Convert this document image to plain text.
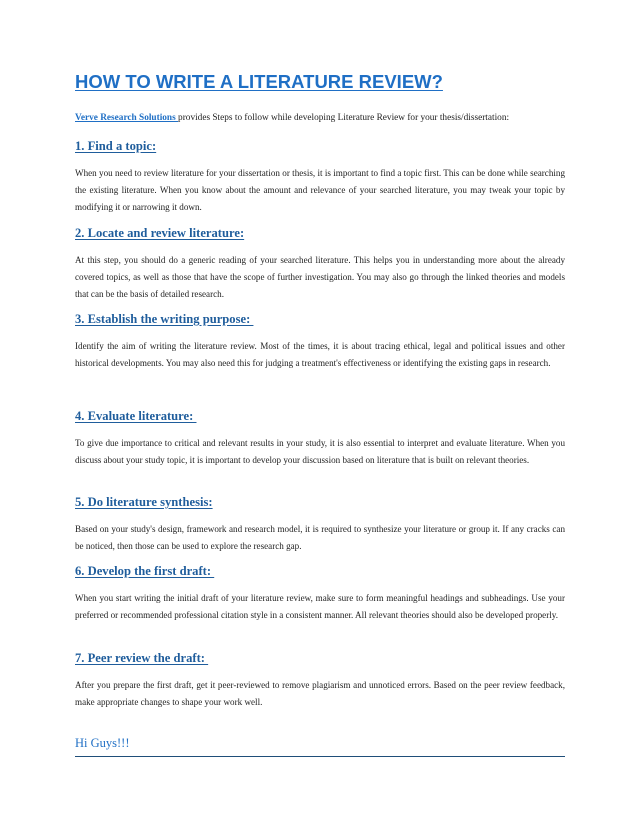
HOW TO WRITE A LITERATURE REVIEW?

Verve Research Solutions provides Steps to follow while developing Literature Review for your thesis/dissertation:

1. Find a topic:

When you need to review literature for your dissertation or thesis, it is important to find a topic first. This can be done while searching the existing literature. When you know about the amount and relevance of your searched literature, you may tweak your topic by modifying it or narrowing it down.

2. Locate and review literature:

At this step, you should do a generic reading of your searched literature. This helps you in understanding more about the already covered topics, as well as those that have the scope of further investigation. You may also go through the linked theories and models that can be the basis of detailed research.

3. Establish the writing purpose:

Identify the aim of writing the literature review. Most of the times, it is about tracing ethical, legal and political issues and other historical developments. You may also need this for judging a treatment's effectiveness or identifying the existing gaps in research.

4. Evaluate literature:

To give due importance to critical and relevant results in your study, it is also essential to interpret and evaluate literature. When you discuss about your study topic, it is important to develop your discussion based on literature that is built on relevant theories.

5. Do literature synthesis:

Based on your study's design, framework and research model, it is required to synthesize your literature or group it. If any cracks can be noticed, then those can be used to explore the research gap.

6. Develop the first draft:

When you start writing the initial draft of your literature review, make sure to form meaningful headings and subheadings. Use your preferred or recommended professional citation style in a consistent manner. All relevant theories should also be developed properly.

7. Peer review the draft:

After you prepare the first draft, get it peer-reviewed to remove plagiarism and unnoticed errors. Based on the peer review feedback, make appropriate changes to shape your work well.

Hi Guys!!!
